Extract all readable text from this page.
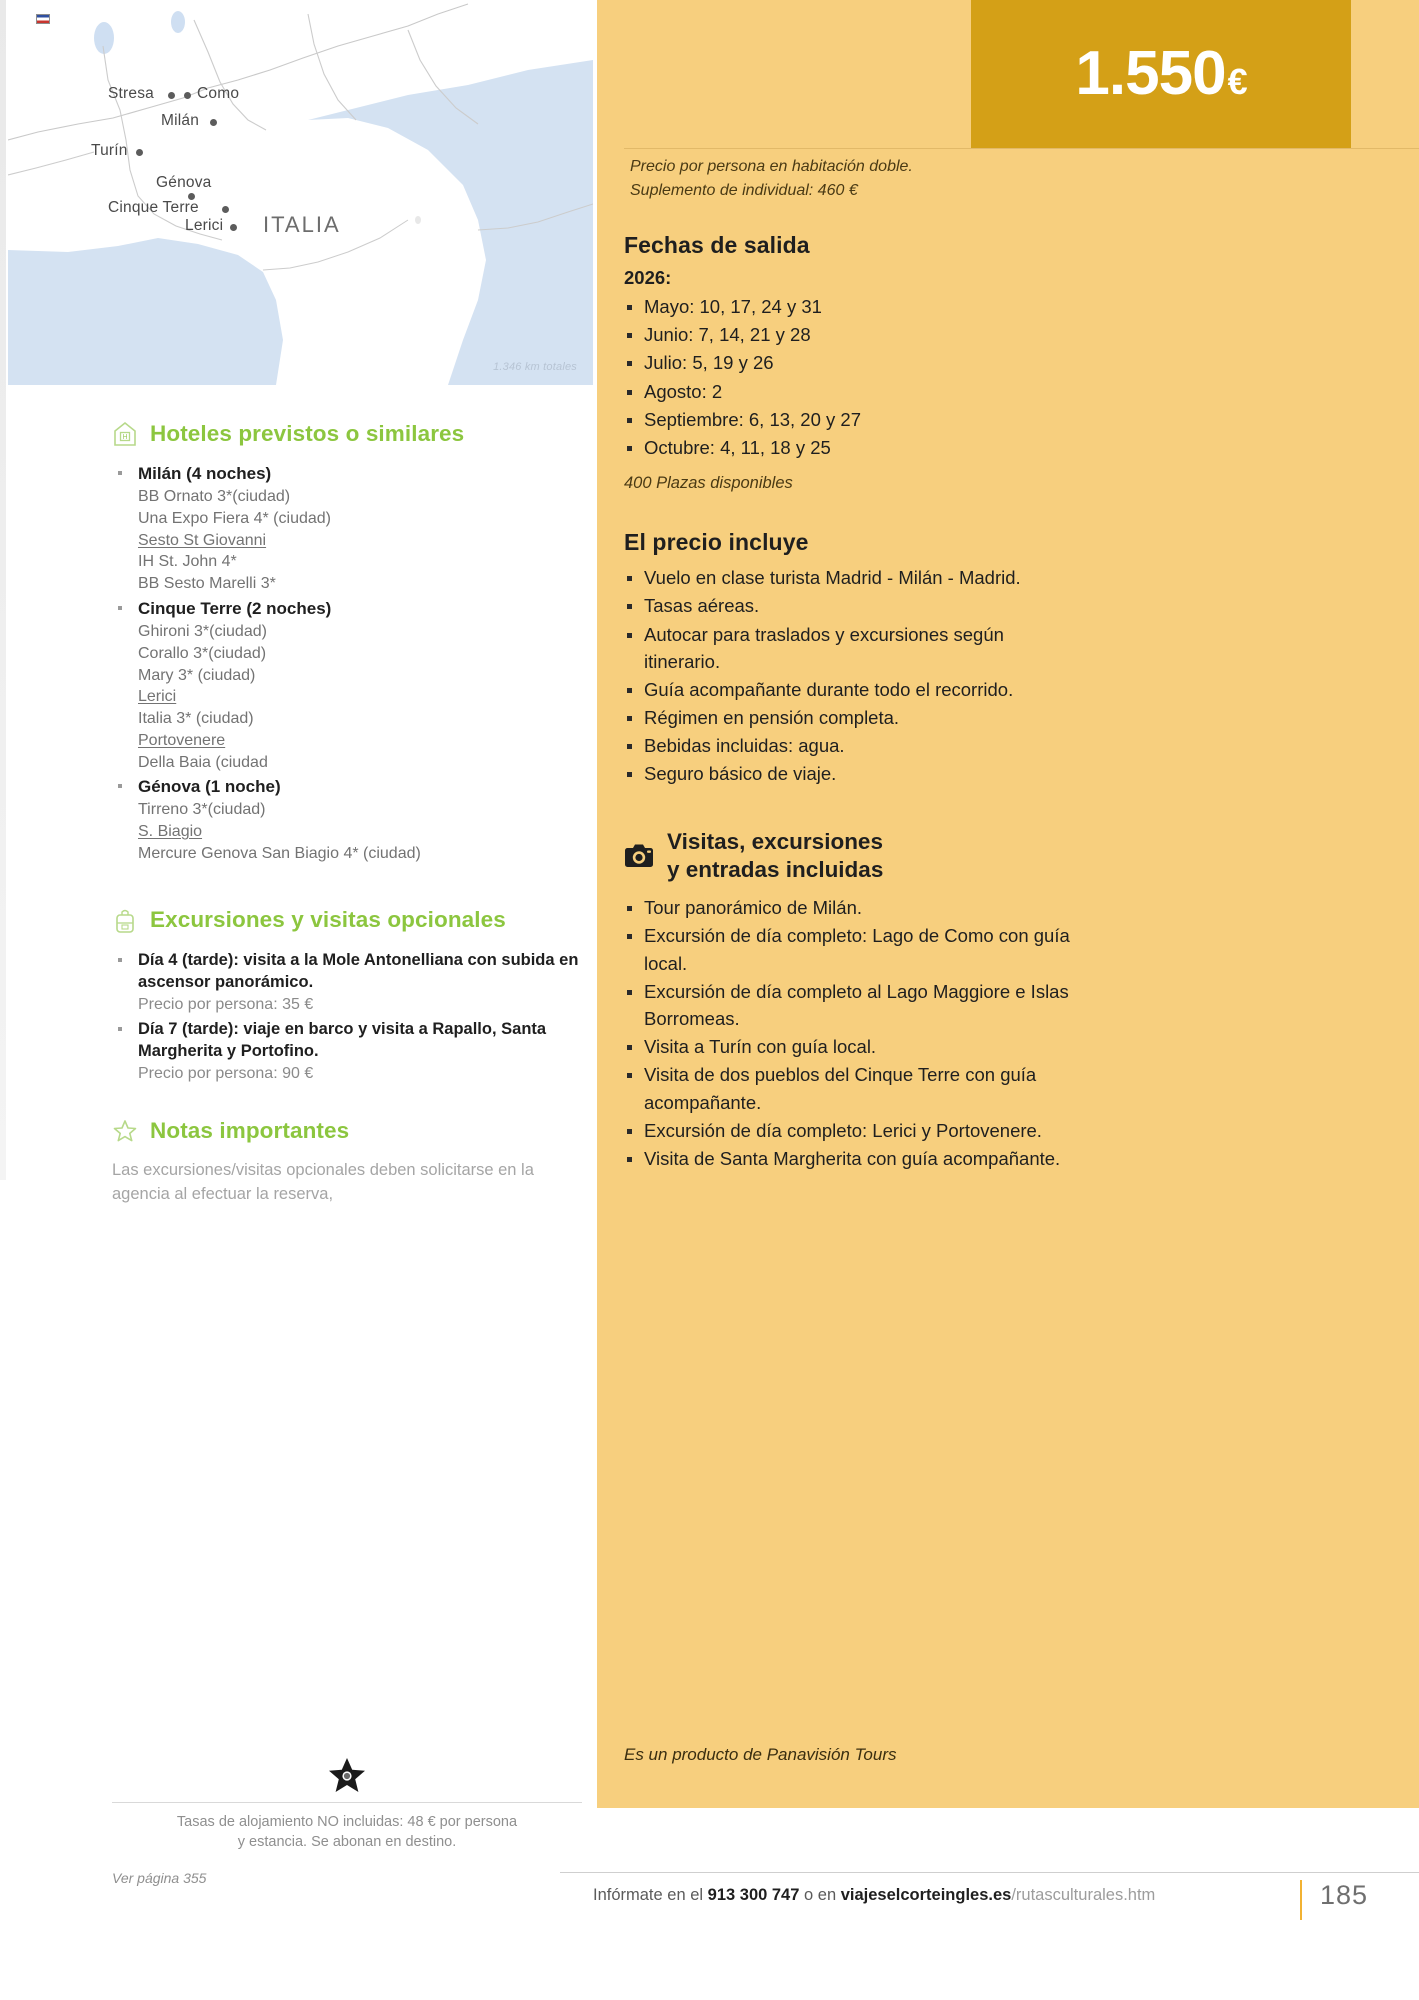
Stresa	Como
Milán
Turín
Génova
Cinque Terre
Lerici ITALIA
1.346 km totales
H Hoteles previstos o similares
Milán (4 noches)
BB Ornato 3*(ciudad)
Una Expo Fiera 4* (ciudad)
Sesto St Giovanni
IH St. John 4*
BB Sesto Marelli 3*
Cinque Terre (2 noches)
Ghironi 3*(ciudad)
Corallo 3*(ciudad)
Mary 3* (ciudad)
Lerici
Italia 3* (ciudad)
Portovenere
Della Baia (ciudad
Génova (1 noche)
Tirreno 3*(ciudad)
S. Biagio
Mercure Genova San Biagio 4* (ciudad)
Excursiones y visitas opcionales
Día 4 (tarde): visita a la Mole Antonelliana con subida en ascensor panorámico.
Precio por persona: 35 €
Día 7 (tarde): viaje en barco y visita a Rapallo, Santa Margherita y Portofino.
Precio por persona: 90 €
Notas importantes
Las excursiones/visitas opcionales deben solicitarse en la agencia al efectuar la reserva,
Tasas de alojamiento NO incluidas: 48 € por persona
y estancia. Se abonan en destino.
Ver página 355
1.550€
Precio por persona en habitación doble.
Suplemento de individual: 460 €
Fechas de salida
2026:
Mayo: 10, 17, 24 y 31
Junio: 7, 14, 21 y 28
Julio: 5, 19 y 26
Agosto: 2
Septiembre: 6, 13, 20 y 27
Octubre: 4, 11, 18 y 25
400 Plazas disponibles
El precio incluye
Vuelo en clase turista Madrid - Milán - Madrid.
Tasas aéreas.
Autocar para traslados y excursiones según itinerario.
Guía acompañante durante todo el recorrido.
Régimen en pensión completa.
Bebidas incluidas: agua.
Seguro básico de viaje.
Visitas, excursiones
y entradas incluidas
Tour panorámico de Milán.
Excursión de día completo: Lago de Como con guía local.
Excursión de día completo al Lago Maggiore e Islas Borromeas.
Visita a Turín con guía local.
Visita de dos pueblos del Cinque Terre con guía acompañante.
Excursión de día completo: Lerici y Portovenere.
Visita de Santa Margherita con guía acompañante.
Es un producto de Panavisión Tours
Infórmate en el 913 300 747 o en viajeselcorteingles.es/rutasculturales.htm	185
